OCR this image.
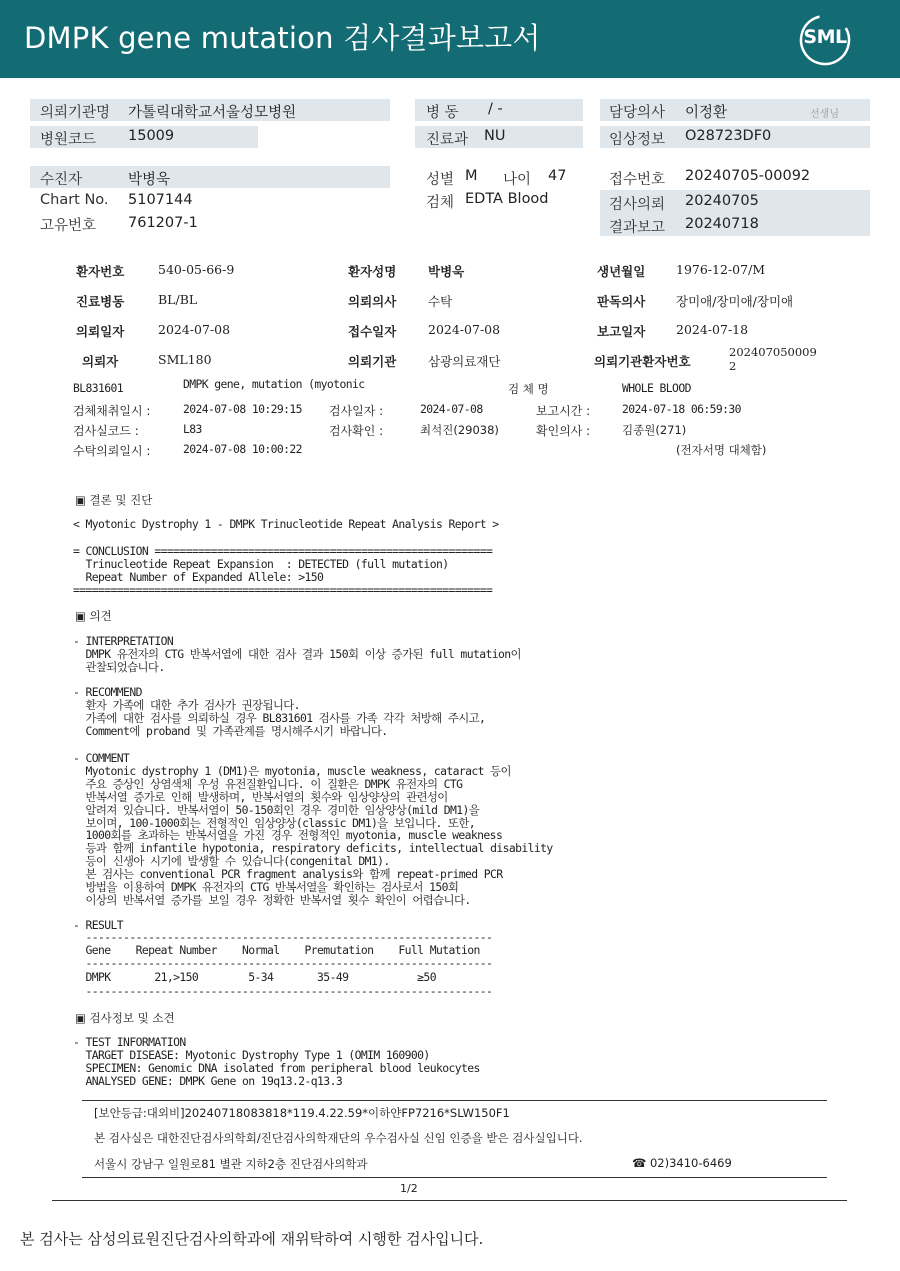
DMPK gene mutation 검사결과보고서	SML
의뢰기관명 가톨릭대학교서울성모병원	병 동 / -	담당의사 이정환	선생님
병원코드 15009	진료과 NU	임상정보 O28723DF0
수진자	박병욱	성별 M 나이 47	접수번호 20240705-00092
Chart No. 5107144	검체 EDTA Blood	검사의뢰 20240705
고유번호 761207-1	결과보고 20240718
환자번호	540-05-66-9	환자성명	박병욱	생년월일 1976-12-07/M
진료병동	BL/BL	의뢰의사	수탁	판독의사 장미애/장미애/장미애
의뢰일자	2024-07-08	접수일자	2024-07-08	보고일자 2024-07-18
의뢰자	SML180	의뢰기관	삼광의료재단	의뢰기관환자번호
202407050009
2
BL831601	DMPK gene, mutation (myotonic	검 체 명	WHOLE BLOOD
검체채취일시 :	2024-07-08 10:29:15 검사일자 :	2024-07-08	보고시간 :	2024-07-18 06:59:30
검사실코드 :	L83	검사확인 :	최석진(29038)	확인의사 :	김종원(271)
수탁의뢰일시 :	2024-07-08 10:00:22	(전자서명 대체함)
▣ 결론 및 진단
< Myotonic Dystrophy 1 - DMPK Trinucleotide Repeat Analysis Report >
= CONCLUSION ======================================================
Trinucleotide Repeat Expansion  : DETECTED (full mutation)
Repeat Number of Expanded Allele: >150
===================================================================
▣ 의견
- INTERPRETATION
DMPK 유전자의 CTG 반복서열에 대한 검사 결과 150회 이상 증가된 full mutation이
관찰되었습니다.
- RECOMMEND
환자 가족에 대한 추가 검사가 권장됩니다.
가족에 대한 검사를 의뢰하실 경우 BL831601 검사를 가족 각각 처방해 주시고,
Comment에 proband 및 가족관계를 명시해주시기 바랍니다.
- COMMENT
Myotonic dystrophy 1 (DM1)은 myotonia, muscle weakness, cataract 등이
주요 증상인 상염색체 우성 유전질환입니다. 이 질환은 DMPK 유전자의 CTG
반복서열 증가로 인해 발생하며, 반복서열의 횟수와 임상양상의 관련성이
알려져 있습니다. 반복서열이 50-150회인 경우 경미한 임상양상(mild DM1)을
보이며, 100-1000회는 전형적인 임상양상(classic DM1)을 보입니다. 또한,
1000회를 초과하는 반복서열을 가진 경우 전형적인 myotonia, muscle weakness
등과 함께 infantile hypotonia, respiratory deficits, intellectual disability
등이 신생아 시기에 발생할 수 있습니다(congenital DM1).
본 검사는 conventional PCR fragment analysis와 함께 repeat-primed PCR
방법을 이용하여 DMPK 유전자의 CTG 반복서열을 확인하는 검사로서 150회
이상의 반복서열 증가를 보일 경우 정확한 반복서열 횟수 확인이 어렵습니다.
- RESULT
-----------------------------------------------------------------
Gene    Repeat Number    Normal    Premutation    Full Mutation
-----------------------------------------------------------------
DMPK       21,>150        5-34       35-49           ≥50
-----------------------------------------------------------------
▣ 검사정보 및 소견
- TEST INFORMATION
TARGET DISEASE: Myotonic Dystrophy Type 1 (OMIM 160900)
SPECIMEN: Genomic DNA isolated from peripheral blood leukocytes
ANALYSED GENE: DMPK Gene on 19q13.2-q13.3
[보안등급:대외비]20240718083818*119.4.22.59*이하얀FP7216*SLW150F1
본 검사실은 대한진단검사의학회/진단검사의학재단의 우수검사실 신임 인증을 받은 검사실입니다.
서울시 강남구 일원로81 별관 지하2층 진단검사의학과	☎ 02)3410-6469
1/2
본 검사는 삼성의료원진단검사의학과에 재위탁하여 시행한 검사입니다.
